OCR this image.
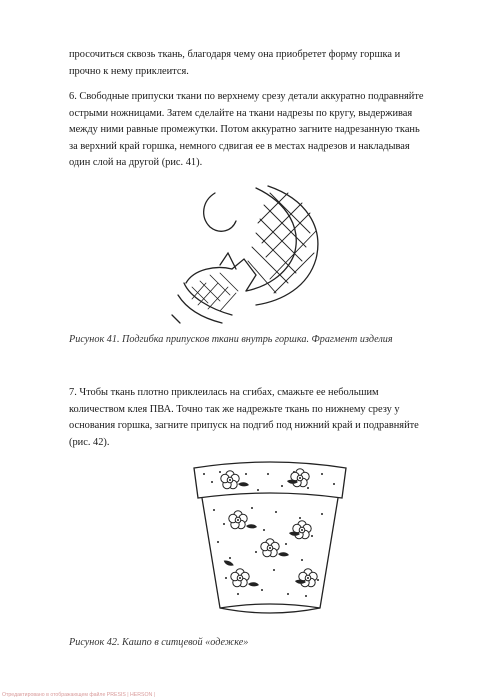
просочиться сквозь ткань, благодаря чему она приобретет форму горшка и
прочно к нему приклеится.
6. Свободные припуски ткани по верхнему срезу детали аккуратно подравняйте
острыми ножницами. Затем сделайте на ткани надрезы по кругу, выдерживая
между ними равные промежутки. Потом аккуратно загните надрезанную ткань
за верхний край горшка, немного сдвигая ее в местах надрезов и накладывая
один слой на другой (рис. 41).
Рисунок 41. Подгибка припусков ткани внутрь горшка. Фрагмент изделия
7. Чтобы ткань плотно приклеилась на сгибах, смажьте ее небольшим
количеством клея ПВА. Точно так же надрежьте ткань по нижнему срезу у
основания горшка, загните припуск на подгиб под нижний край и подравняйте
(рис. 42).
Рисунок 42. Кашпо в ситцевой «одежке»
Отредактировано в отображающем файле PRESIS | HERSON |
